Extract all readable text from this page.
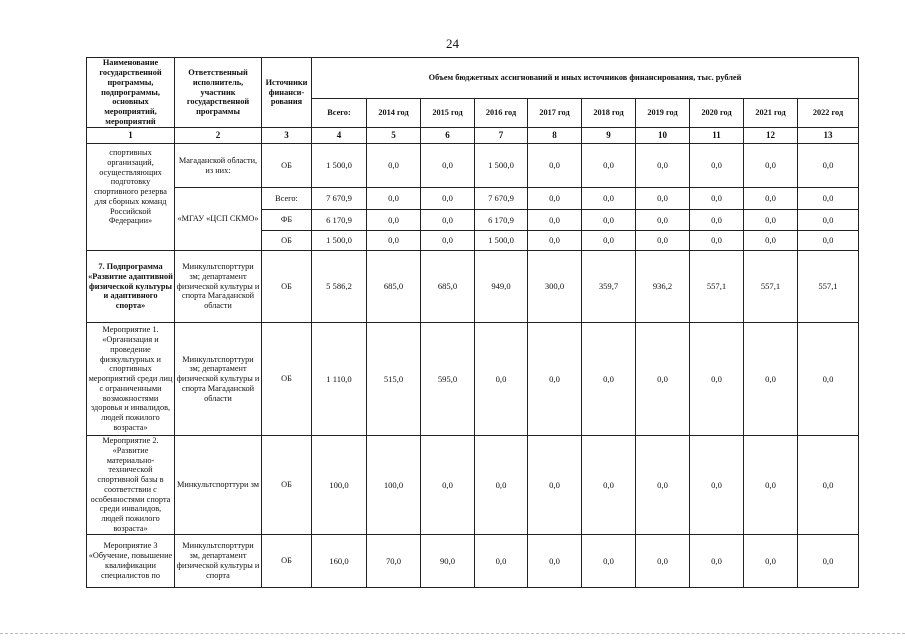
24
Наименование государственной программы, подпрограммы, основных мероприятий, мероприятий	Ответственный исполнитель, участник государственной программы	Источники финанси-рования	Объем бюджетных ассигнований и иных источников финансирования, тыс. рублей									
			Всего:	2014 год	2015 год	2016 год	2017 год	2018 год	2019 год	2020 год	2021 год	2022 год
1	2	3	4	5	6	7	8	9	10	11	12	13
спортивных организаций, осуществляющих подготовку спортивного резерва для сборных команд Российской Федерации»	Магаданской области, из них:	ОБ	1 500,0	0,0	0,0	1 500,0	0,0	0,0	0,0	0,0	0,0	0,0
	«МГАУ «ЦСП СКМО»	Всего:	7 670,9	0,0	0,0	7 670,9	0,0	0,0	0,0	0,0	0,0	0,0
		ФБ	6 170,9	0,0	0,0	6 170,9	0,0	0,0	0,0	0,0	0,0	0,0
		ОБ	1 500,0	0,0	0,0	1 500,0	0,0	0,0	0,0	0,0	0,0	0,0
7. Подпрограмма «Развитие адаптивной физической культуры и адаптивного спорта»	Минкультспорттури зм; департамент физической культуры и спорта Магаданской области	ОБ	5 586,2	685,0	685,0	949,0	300,0	359,7	936,2	557,1	557,1	557,1
Мероприятие 1. «Организация и проведение физкультурных и спортивных мероприятий среди лиц с ограниченными возможностями здоровья и инвалидов, людей пожилого возраста»	Минкультспорттури зм; департамент физической культуры и спорта Магаданской области	ОБ	1 110,0	515,0	595,0	0,0	0,0	0,0	0,0	0,0	0,0	0,0
Мероприятие 2. «Развитие материально-технической спортивной базы в соответствии с особенностями спорта среди инвалидов, людей пожилого возраста»	Минкультспорттури зм	ОБ	100,0	100,0	0,0	0,0	0,0	0,0	0,0	0,0	0,0	0,0
Мероприятие 3 «Обучение, повышение квалификации специалистов по	Минкультспорттури зм, департамент физической культуры и спорта	ОБ	160,0	70,0	90,0	0,0	0,0	0,0	0,0	0,0	0,0	0,0
